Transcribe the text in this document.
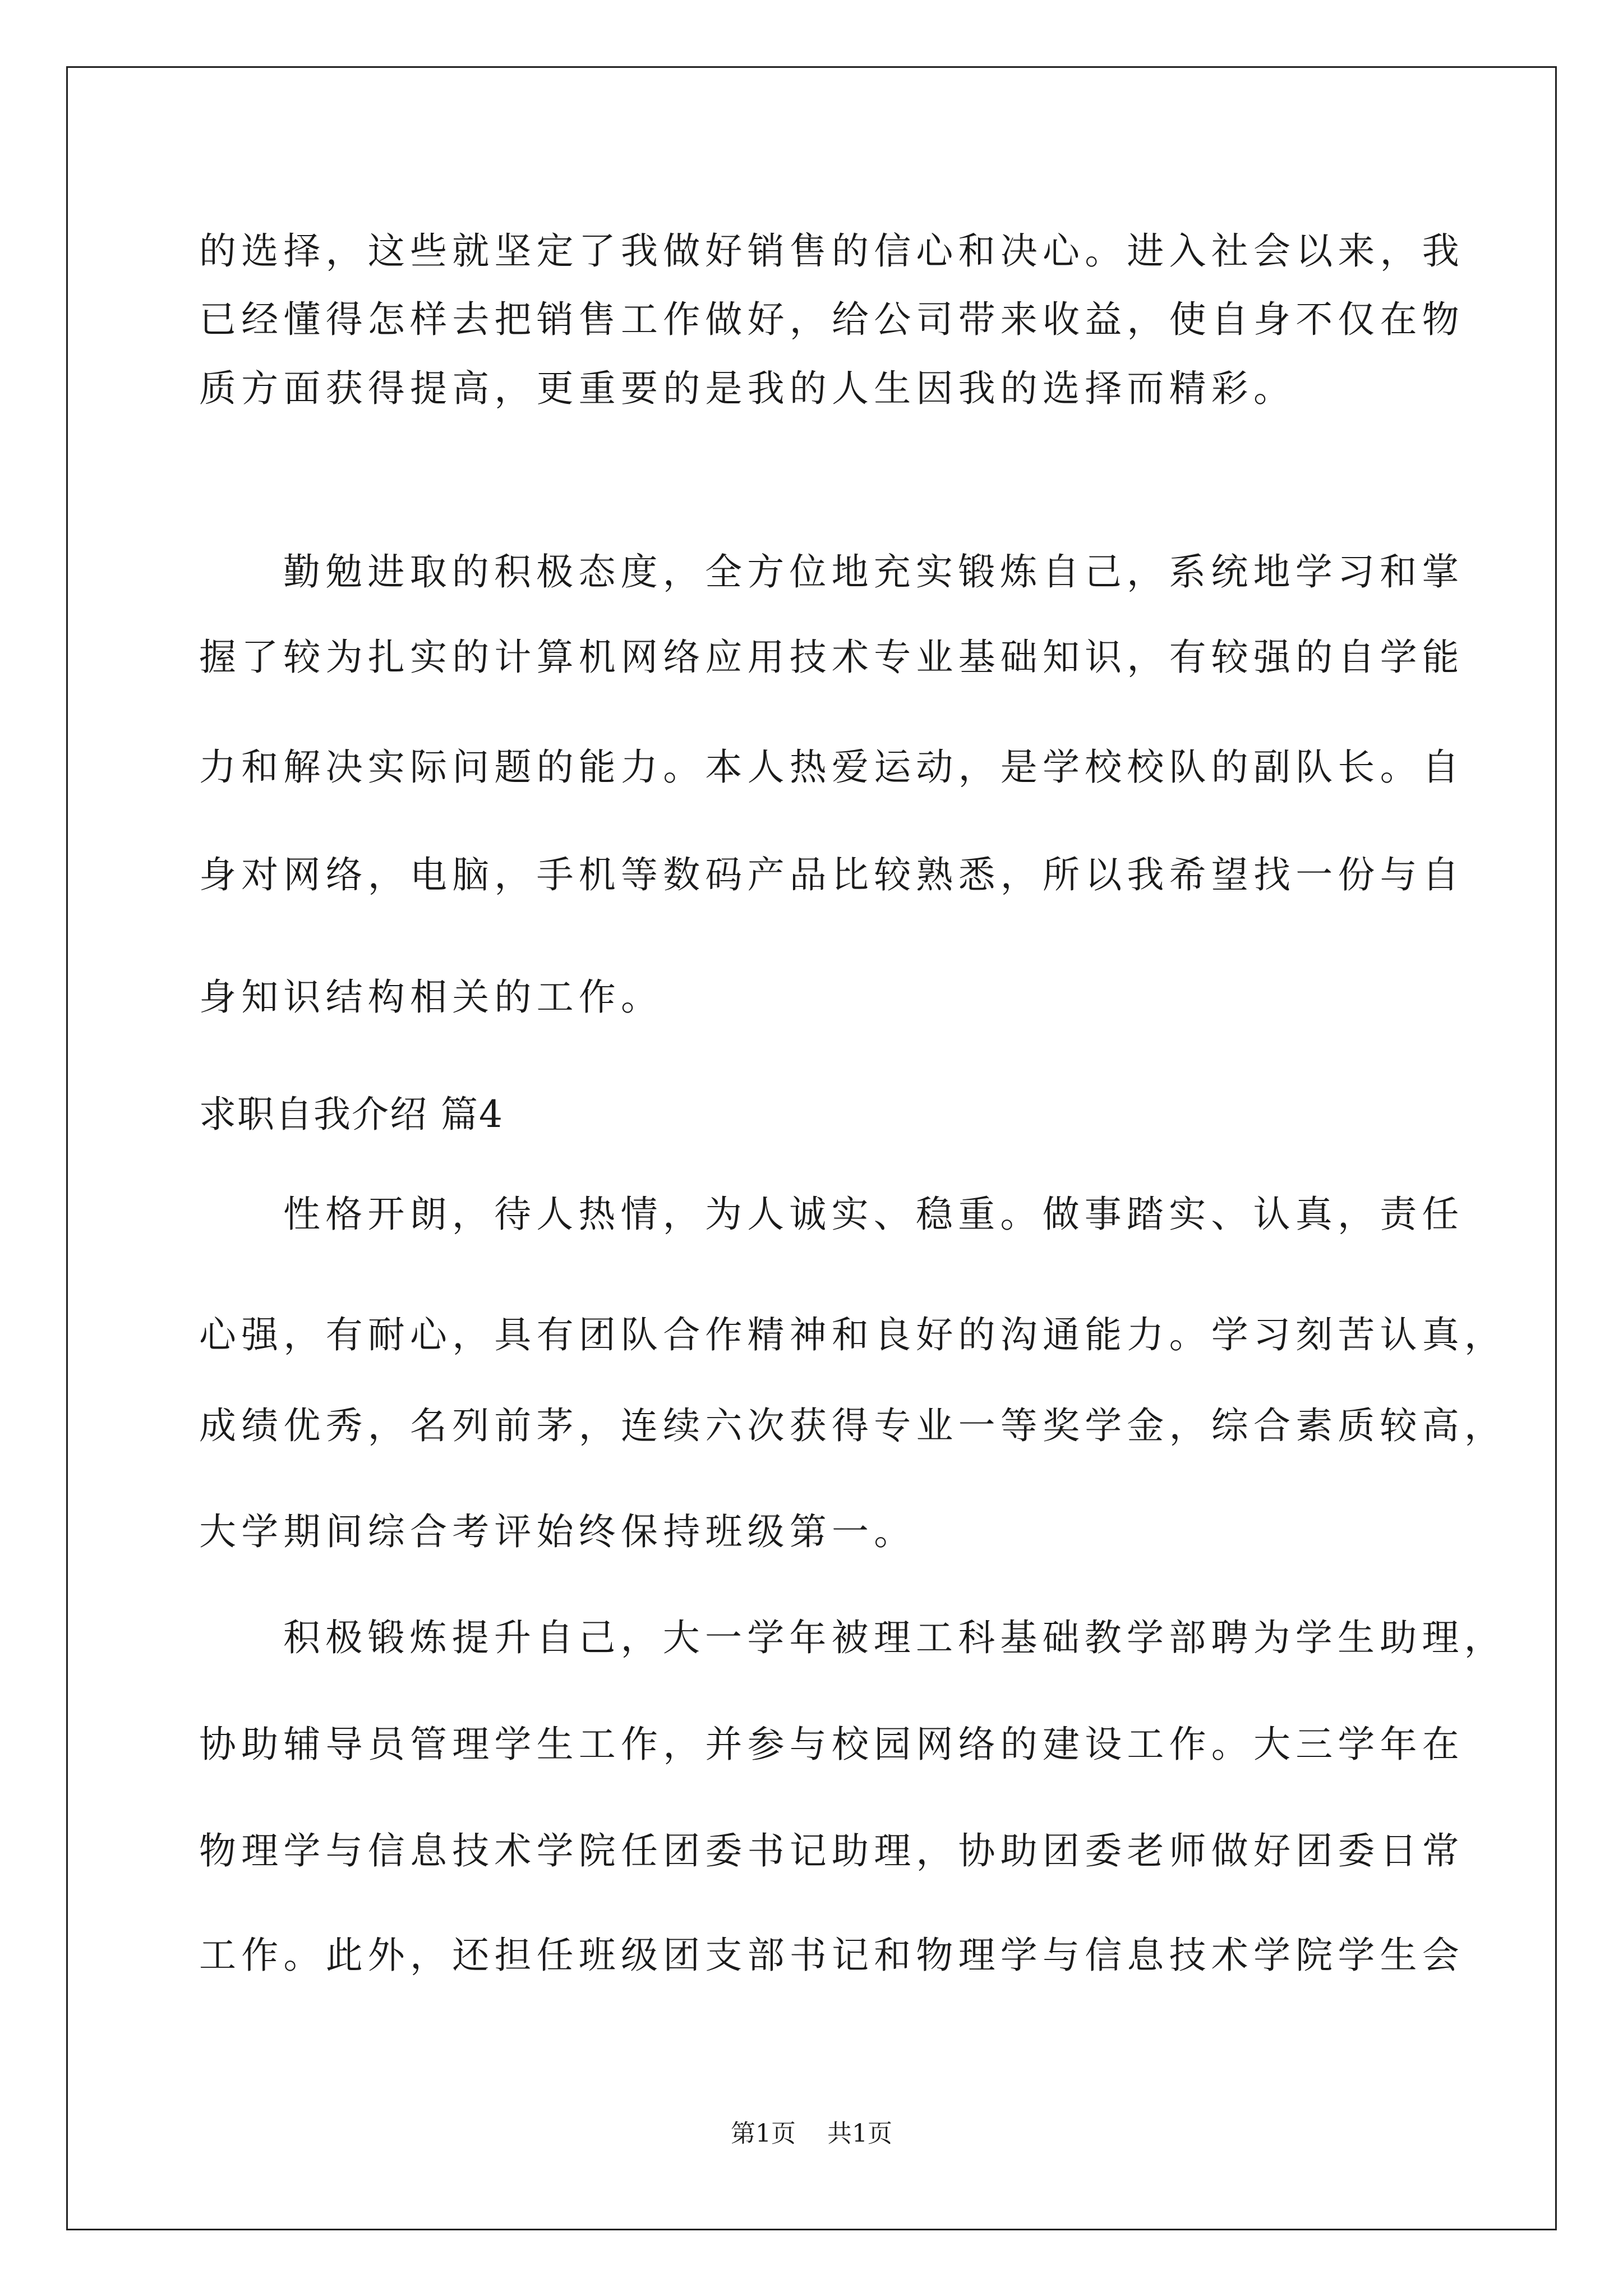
的选择，这些就坚定了我做好销售的信心和决心。进入社会以来，我
已经懂得怎样去把销售工作做好，给公司带来收益，使自身不仅在物
质方面获得提高，更重要的是我的人生因我的选择而精彩。
勤勉进取的积极态度，全方位地充实锻炼自己，系统地学习和掌
握了较为扎实的计算机网络应用技术专业基础知识，有较强的自学能
力和解决实际问题的能力。本人热爱运动，是学校校队的副队长。自
身对网络，电脑，手机等数码产品比较熟悉，所以我希望找一份与自
身知识结构相关的工作。
求职自我介绍 篇4
性格开朗，待人热情，为人诚实、稳重。做事踏实、认真，责任
心强，有耐心，具有团队合作精神和良好的沟通能力。学习刻苦认真，
成绩优秀，名列前茅，连续六次获得专业一等奖学金，综合素质较高，
大学期间综合考评始终保持班级第一。
积极锻炼提升自己，大一学年被理工科基础教学部聘为学生助理，
协助辅导员管理学生工作，并参与校园网络的建设工作。大三学年在
物理学与信息技术学院任团委书记助理，协助团委老师做好团委日常
工作。此外，还担任班级团支部书记和物理学与信息技术学院学生会
第1页 共1页
